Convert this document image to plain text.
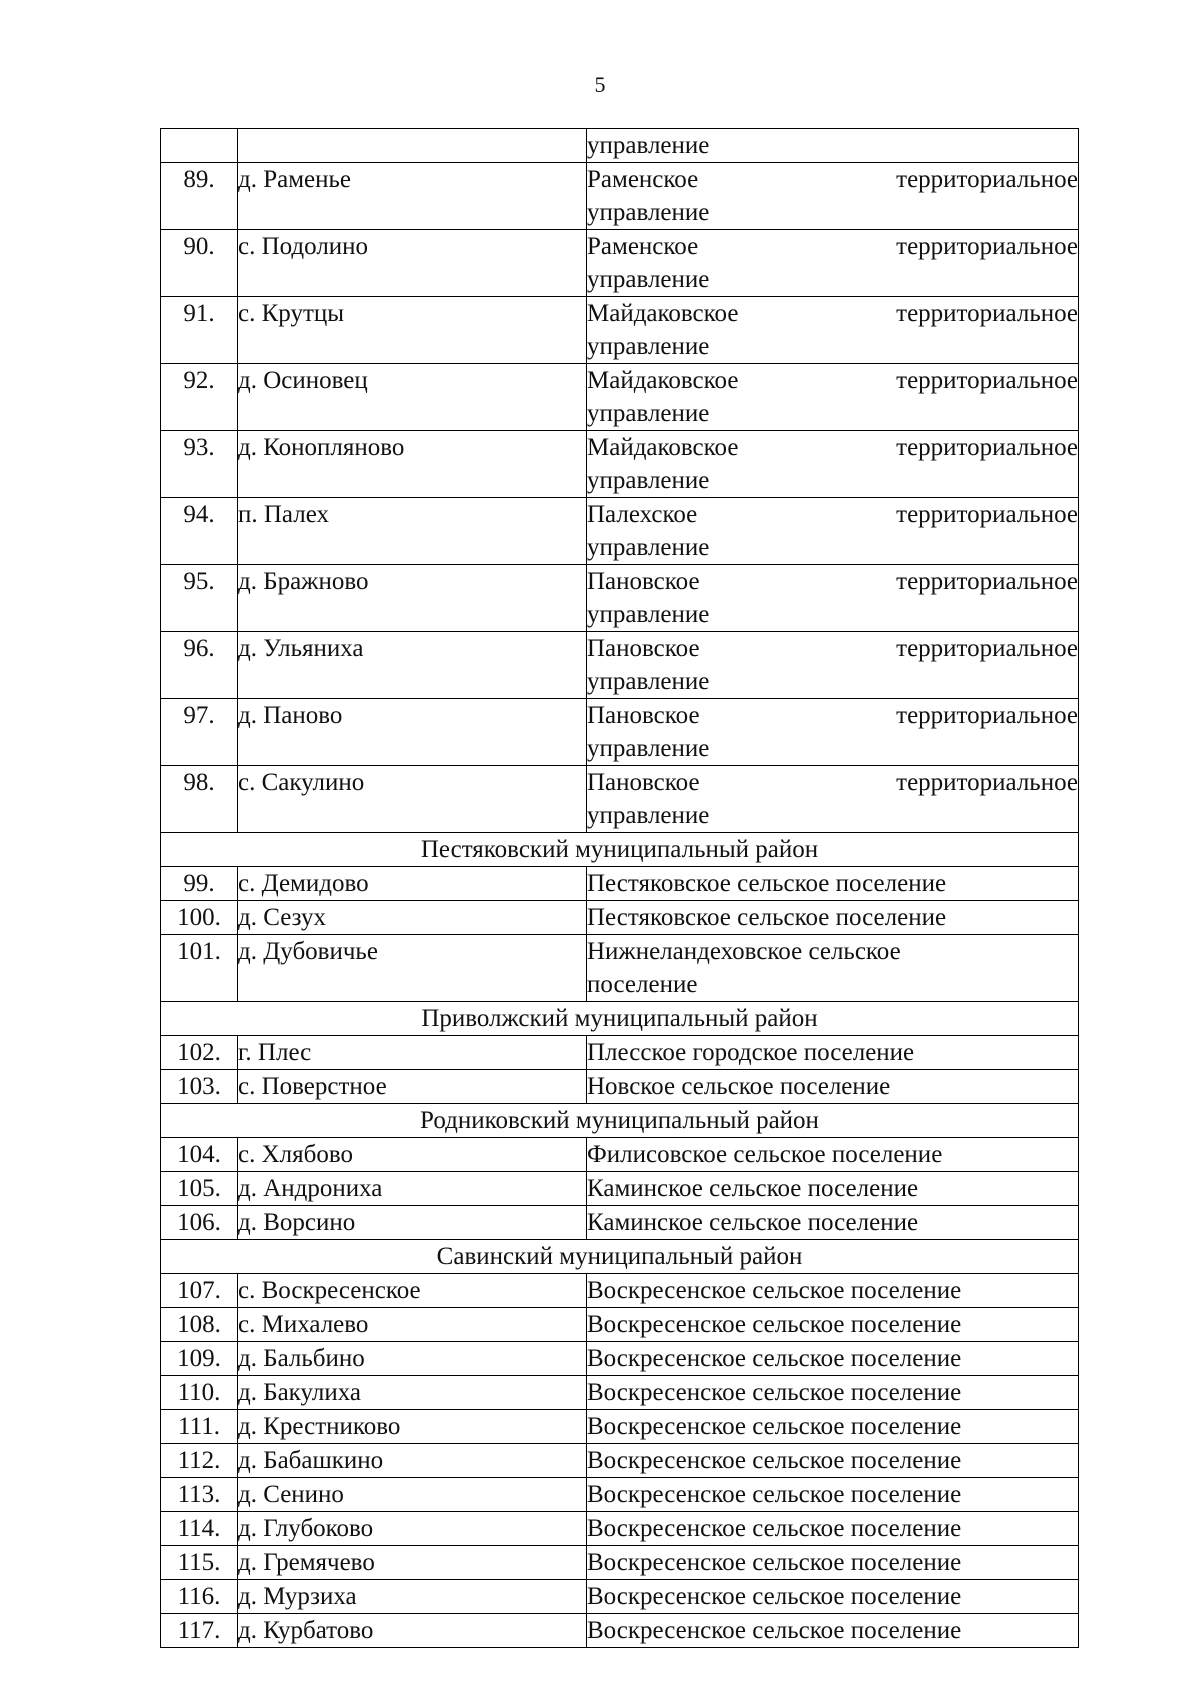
5

		управление

89.	д. Раменье	Раменское территориальное
управление

90.	с. Подолино	Раменское территориальное
управление

91.	с. Крутцы	Майдаковское территориальное
управление

92.	д. Осиновец	Майдаковское территориальное
управление

93.	д. Коноплянoво	Майдаковское территориальное
управление

94.	п. Палех	Палехское территориальное
управление

95.	д. Бражново	Пановское территориальное
управление

96.	д. Ульяниха	Пановское территориальное
управление

97.	д. Паново	Пановское территориальное
управление

98.	с. Сакулино	Пановское территориальное
управление

Пестяковский муниципальный район		
99.	с. Демидово	Пестяковское сельское поселение

100.	д. Сезух	Пестяковское сельское поселение

101.	д. Дубовичье	Нижнеландеховское сельское
поселение

Приволжский муниципальный район		
102.	г. Плес	Плесское городское поселение

103.	с. Поверстное	Новское сельское поселение

Родниковский муниципальный район		
104.	с. Хлябово	Филисовское сельское поселение

105.	д. Андрониха	Каминское сельское поселение

106.	д. Ворсино	Каминское сельское поселение

Савинский муниципальный район		
107.	с. Воскресенское	Воскресенское сельское поселение

108.	с. Михалево	Воскресенское сельское поселение

109.	д. Бальбино	Воскресенское сельское поселение

110.	д. Бакулиха	Воскресенское сельское поселение

111.	д. Крестниково	Воскресенское сельское поселение

112.	д. Бабашкино	Воскресенское сельское поселение

113.	д. Сенино	Воскресенское сельское поселение

114.	д. Глубоково	Воскресенское сельское поселение

115.	д. Гремячево	Воскресенское сельское поселение

116.	д. Мурзиха	Воскресенское сельское поселение

117.	д. Курбатово	Воскресенское сельское поселение
